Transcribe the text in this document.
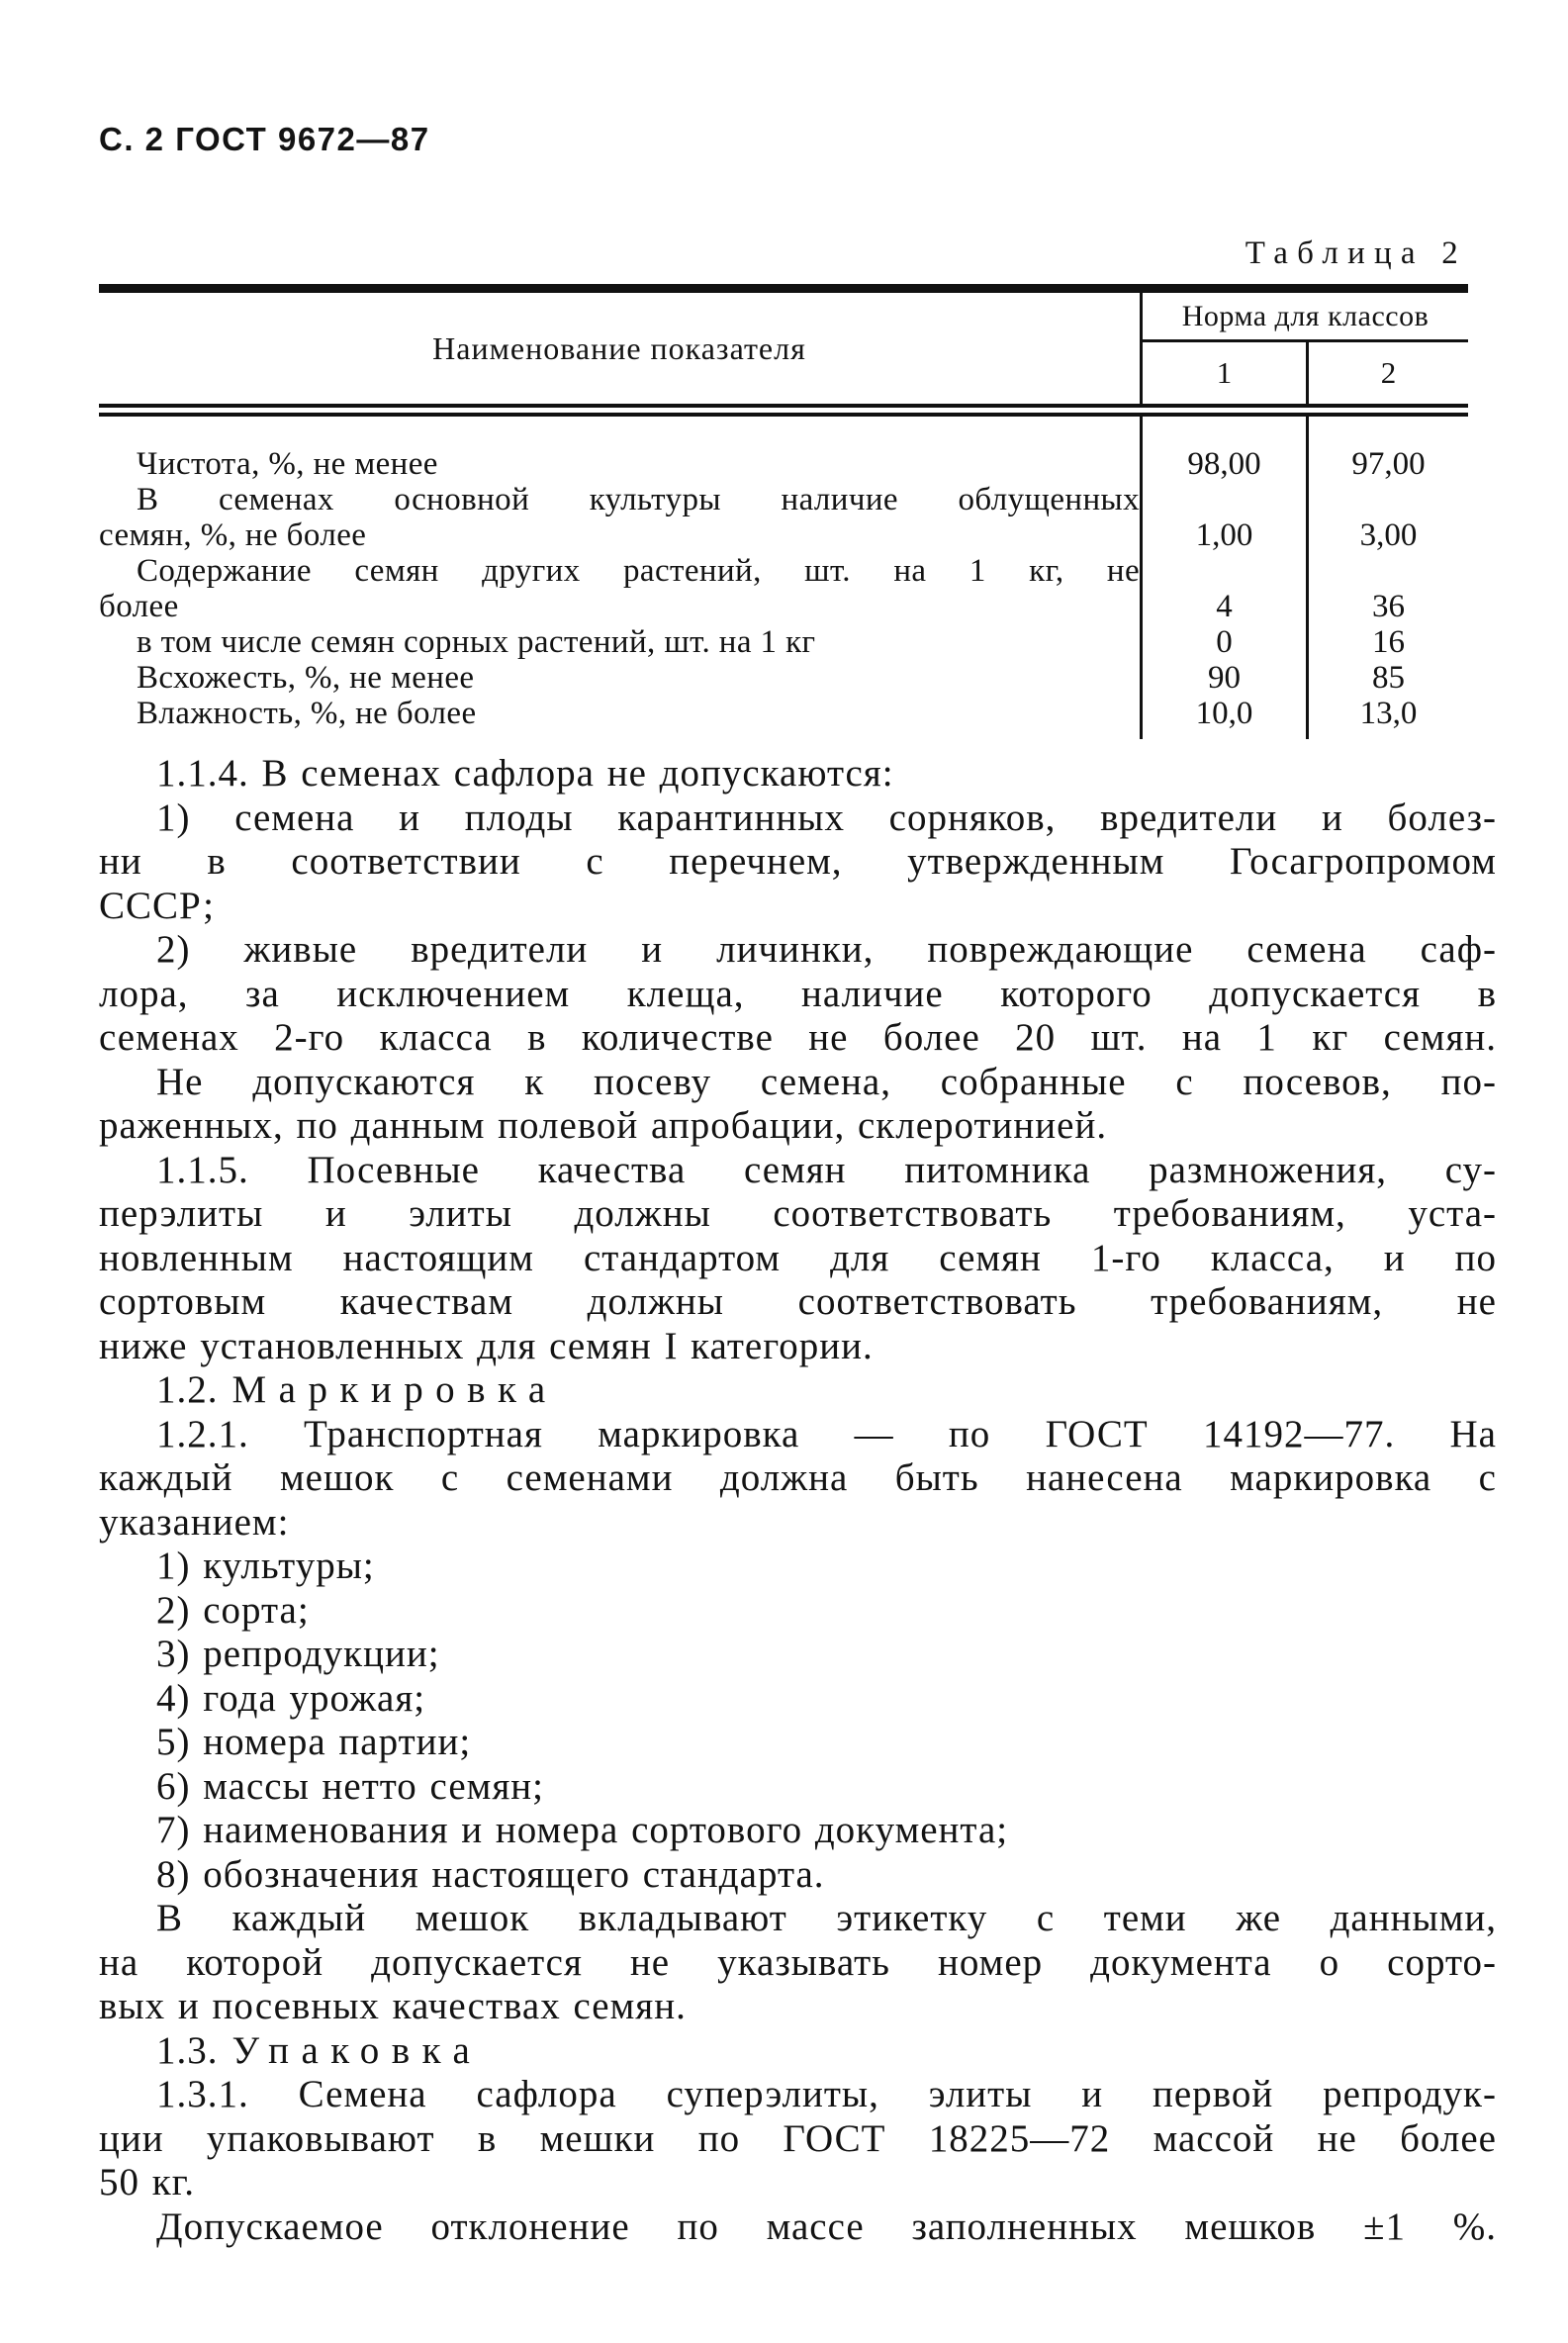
С. 2 ГОСТ 9672—87
Таблица 2
Наименование показателя
Норма для классов
1	2
Чистота, %, не менее
В семенах основной культуры наличие облущенных
семян, %, не более
Содержание семян других растений, шт. на 1 кг, не
более
в том числе семян сорных растений, шт. на 1 кг
Всхожесть, %, не менее
Влажность, %, не более
98,00
1,00
4
0
90
10,0
97,00
3,00
36
16
85
13,0
1.1.4. В семенах сафлора не допускаются:
1) семена и плоды карантинных сорняков, вредители и болез-
ни в соответствии с перечнем, утвержденным Госагропромом
СССР;
2) живые вредители и личинки, повреждающие семена саф-
лора, за исключением клеща, наличие которого допускается в
семенах 2-го класса в количестве не более 20 шт. на 1 кг семян.
Не допускаются к посеву семена, собранные с посевов, по-
раженных, по данным полевой апробации, склеротинией.
1.1.5. Посевные качества семян питомника размножения, су-
перэлиты и элиты должны соответствовать требованиям, уста-
новленным настоящим стандартом для семян 1-го класса, и по
сортовым качествам должны соответствовать требованиям, не
ниже установленных для семян I категории.
1.2. Маркировка
1.2.1. Транспортная маркировка — по ГОСТ 14192—77. На
каждый мешок с семенами должна быть нанесена маркировка с
указанием:
1) культуры;
2) сорта;
3) репродукции;
4) года урожая;
5) номера партии;
6) массы нетто семян;
7) наименования и номера сортового документа;
8) обозначения настоящего стандарта.
В каждый мешок вкладывают этикетку с теми же данными,
на которой допускается не указывать номер документа о сорто-
вых и посевных качествах семян.
1.3. Упаковка
1.3.1. Семена сафлора суперэлиты, элиты и первой репродук-
ции упаковывают в мешки по ГОСТ 18225—72 массой не более
50 кг.
Допускаемое отклонение по массе заполненных мешков ±1 %.
